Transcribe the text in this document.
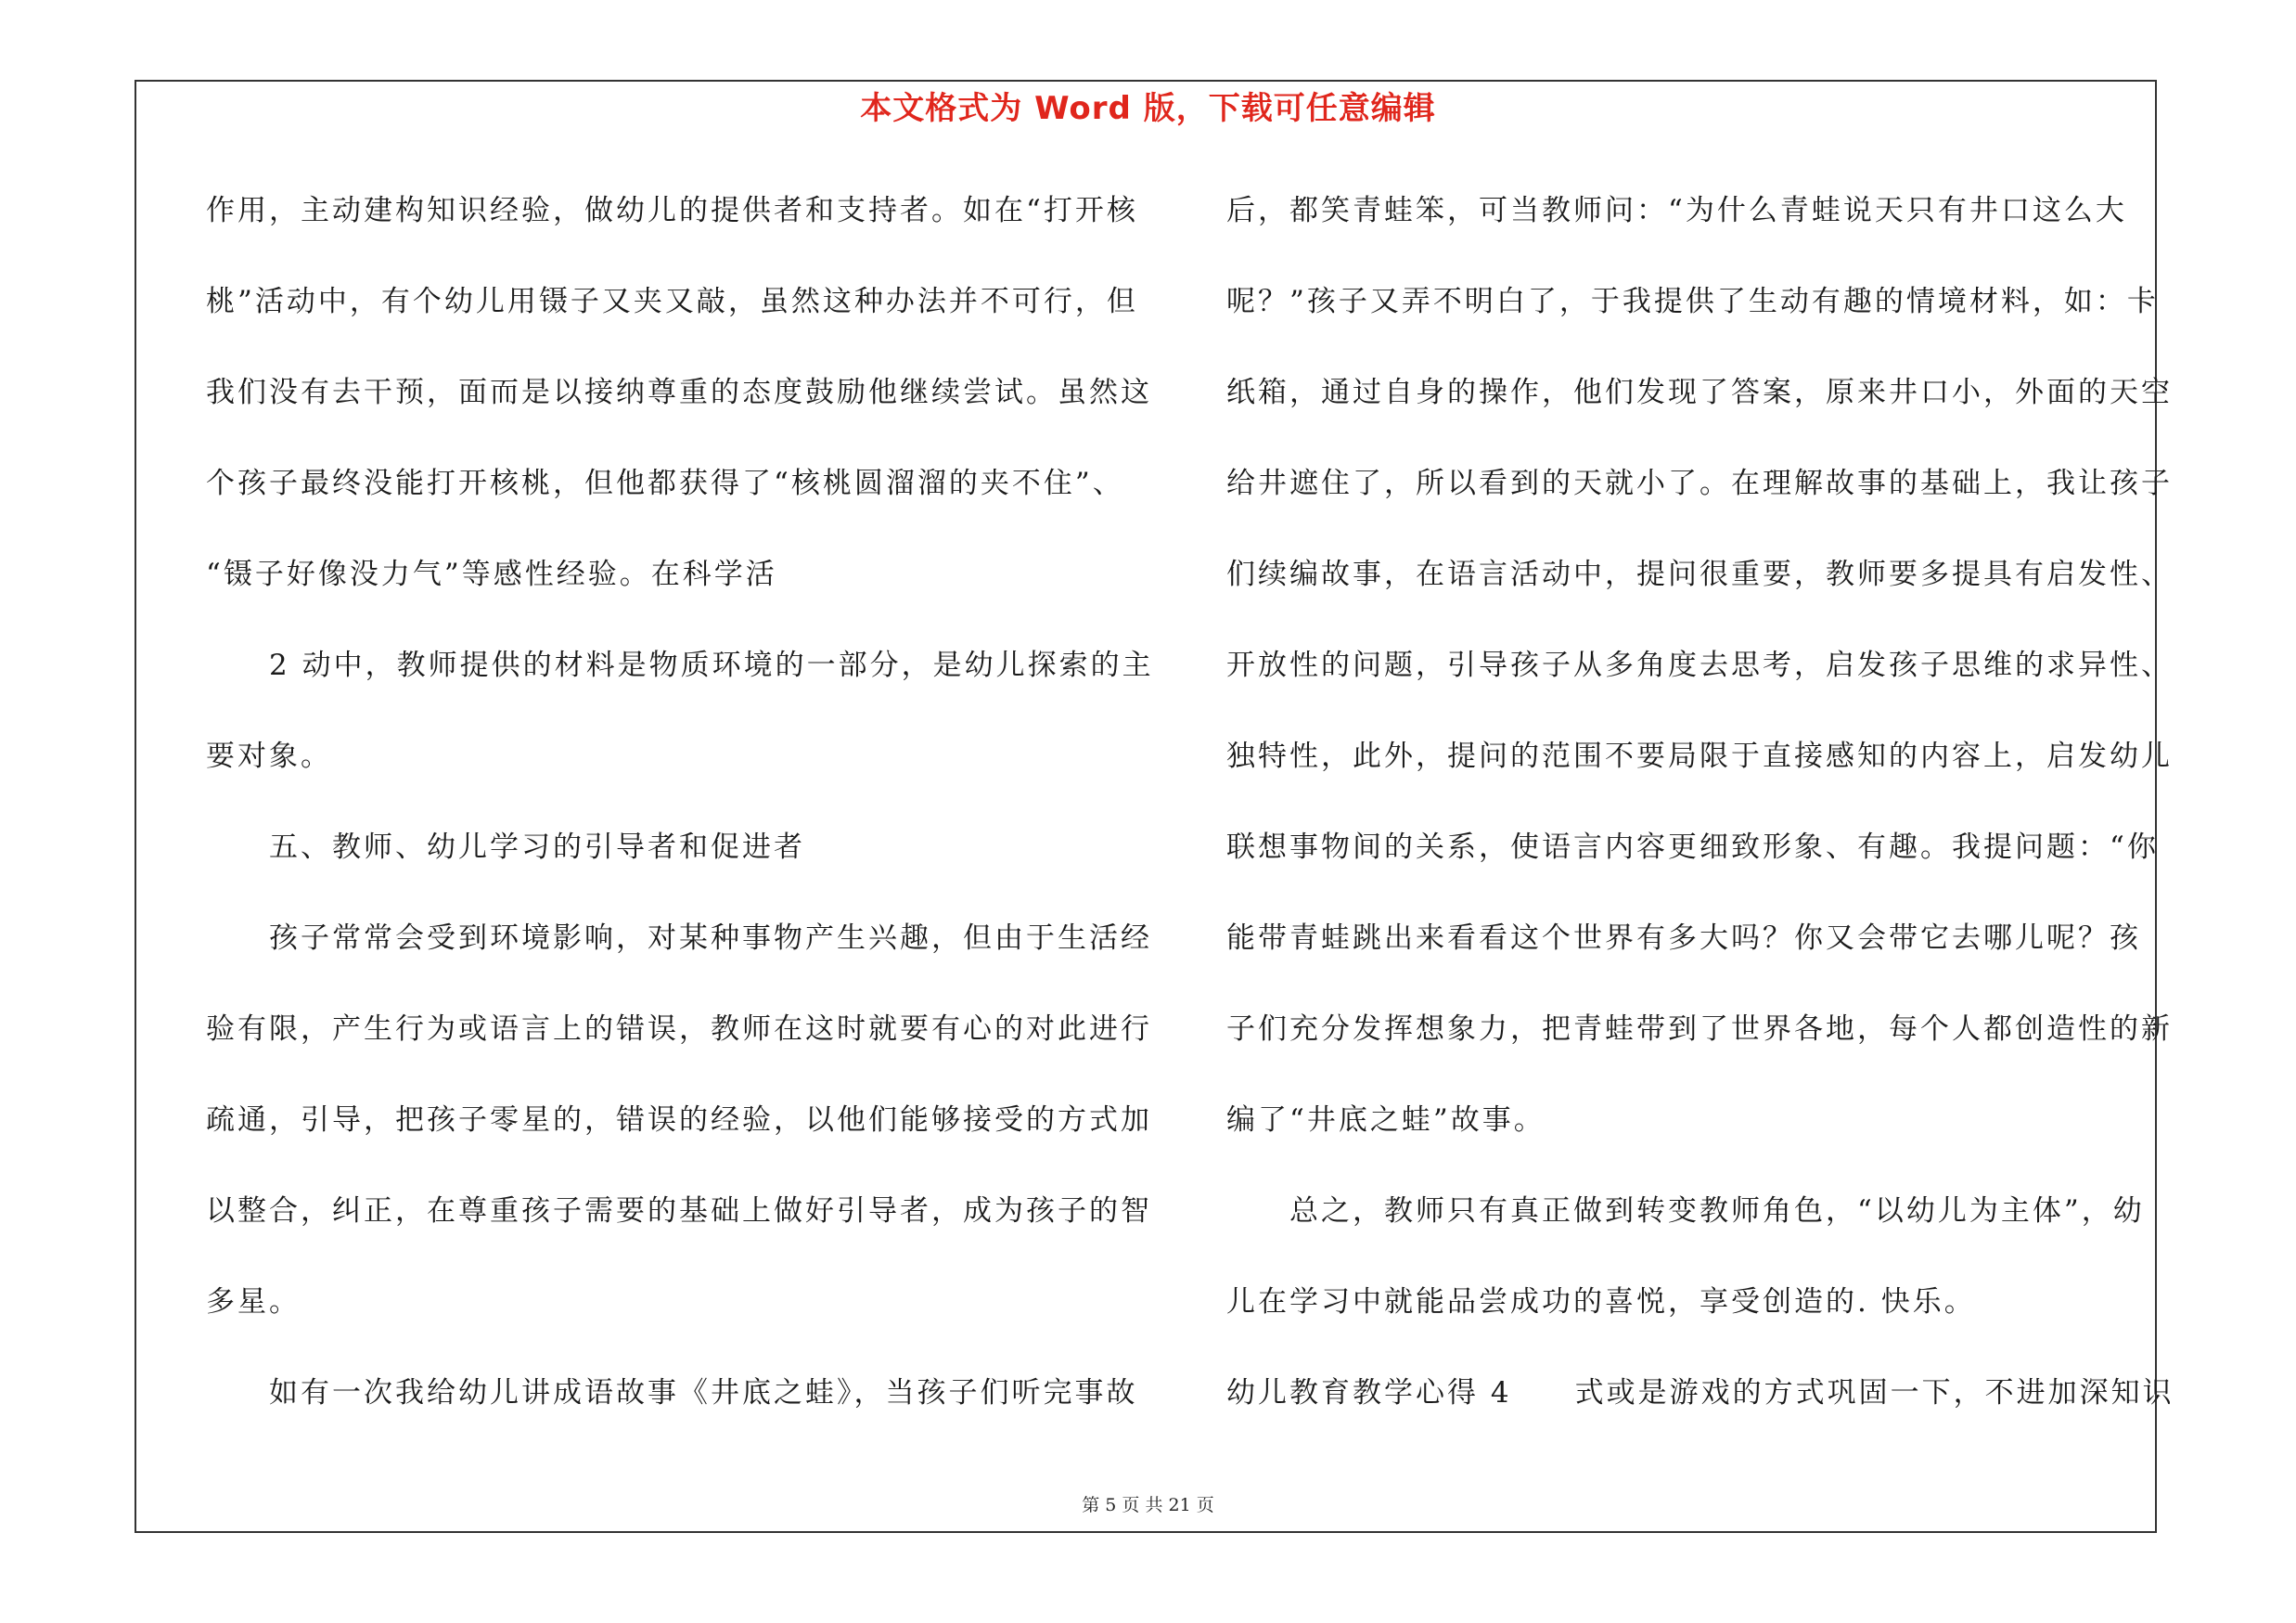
本文格式为 Word 版，下载可任意编辑
作用，主动建构知识经验，做幼儿的提供者和支持者。如在“打开核
桃”活动中，有个幼儿用镊子又夹又敲，虽然这种办法并不可行，但
我们没有去干预，面而是以接纳尊重的态度鼓励他继续尝试。虽然这
个孩子最终没能打开核桃，但他都获得了“核桃圆溜溜的夹不住”、
“镊子好像没力气”等感性经验。在科学活
2 动中，教师提供的材料是物质环境的一部分，是幼儿探索的主
要对象。
五、教师、幼儿学习的引导者和促进者
孩子常常会受到环境影响，对某种事物产生兴趣，但由于生活经
验有限，产生行为或语言上的错误，教师在这时就要有心的对此进行
疏通，引导，把孩子零星的，错误的经验，以他们能够接受的方式加
以整合，纠正，在尊重孩子需要的基础上做好引导者，成为孩子的智
多星。
如有一次我给幼儿讲成语故事《井底之蛙》，当孩子们听完事故
后，都笑青蛙笨，可当教师问：“为什么青蛙说天只有井口这么大
呢？”孩子又弄不明白了，于我提供了生动有趣的情境材料，如：卡
纸箱，通过自身的操作，他们发现了答案，原来井口小，外面的天空
给井遮住了，所以看到的天就小了。在理解故事的基础上，我让孩子
们续编故事，在语言活动中，提问很重要，教师要多提具有启发性、
开放性的问题，引导孩子从多角度去思考，启发孩子思维的求异性、
独特性，此外，提问的范围不要局限于直接感知的内容上，启发幼儿
联想事物间的关系，使语言内容更细致形象、有趣。我提问题：“你
能带青蛙跳出来看看这个世界有多大吗？你又会带它去哪儿呢？孩
子们充分发挥想象力，把青蛙带到了世界各地，每个人都创造性的新
编了“井底之蛙”故事。
总之，教师只有真正做到转变教师角色，“以幼儿为主体”，幼
儿在学习中就能品尝成功的喜悦，享受创造的. 快乐。
幼儿教育教学心得 4　　式或是游戏的方式巩固一下，不进加深知识
第 5 页 共 21 页
